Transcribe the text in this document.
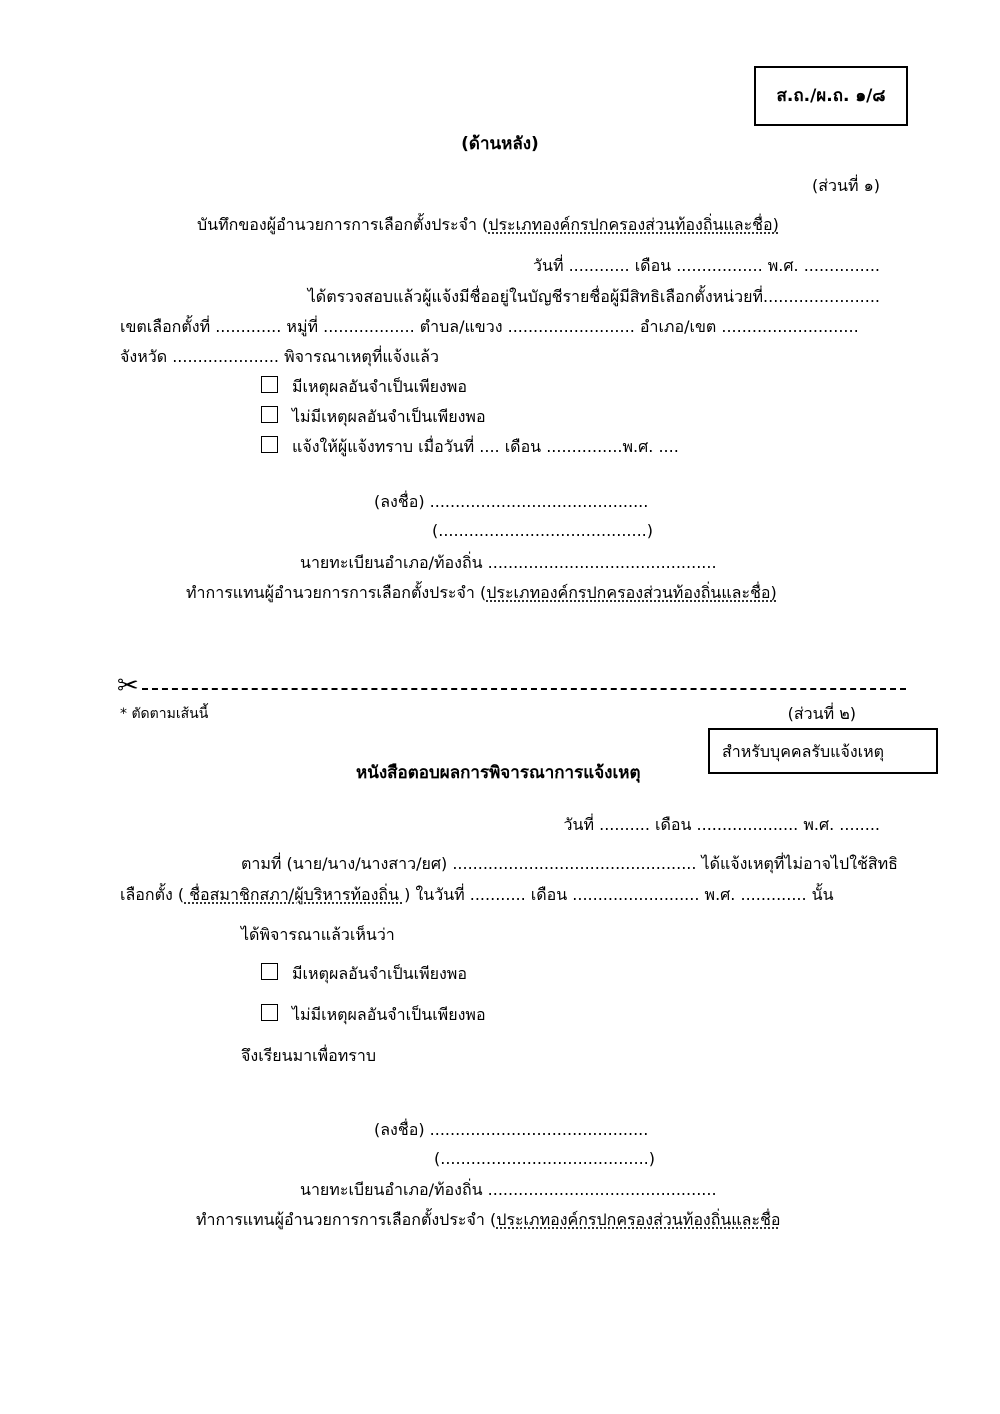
ส.ถ./ผ.ถ. ๑/๘
(ด้านหลัง)
(ส่วนที่ ๑)
บันทึกของผู้อำนวยการการเลือกตั้งประจำ (ประเภทองค์กรปกครองส่วนท้องถิ่นและชื่อ)
วันที่ ............ เดือน ................. พ.ศ. ...............
ได้ตรวจสอบแล้วผู้แจ้งมีชื่ออยู่ในบัญชีรายชื่อผู้มีสิทธิเลือกตั้งหน่วยที่.......................
เขตเลือกตั้งที่ ............. หมู่ที่ .................. ตำบล/แขวง ......................... อำเภอ/เขต ...........................
จังหวัด ..................... พิจารณาเหตุที่แจ้งแล้ว
มีเหตุผลอันจำเป็นเพียงพอ
ไม่มีเหตุผลอันจำเป็นเพียงพอ
แจ้งให้ผู้แจ้งทราบ เมื่อวันที่ .... เดือน ...............พ.ศ. ....
(ลงชื่อ) ...........................................
(.........................................)
นายทะเบียนอำเภอ/ท้องถิ่น .............................................
ทำการแทนผู้อำนวยการการเลือกตั้งประจำ (ประเภทองค์กรปกครองส่วนท้องถิ่นและชื่อ)
✂
* ตัดตามเส้นนี้	(ส่วนที่ ๒)
สำหรับบุคคลรับแจ้งเหตุ
หนังสือตอบผลการพิจารณาการแจ้งเหตุ
วันที่ .......... เดือน .................... พ.ศ. ........
ตามที่ (นาย/นาง/นางสาว/ยศ) ................................................ ได้แจ้งเหตุที่ไม่อาจไปใช้สิทธิ
เลือกตั้ง ( ชื่อสมาชิกสภา/ผู้บริหารท้องถิ่น ) ในวันที่ ........... เดือน ......................... พ.ศ. ............. นั้น
ได้พิจารณาแล้วเห็นว่า
มีเหตุผลอันจำเป็นเพียงพอ
ไม่มีเหตุผลอันจำเป็นเพียงพอ
จึงเรียนมาเพื่อทราบ
(ลงชื่อ) ...........................................
(.........................................)
นายทะเบียนอำเภอ/ท้องถิ่น .............................................
ทำการแทนผู้อำนวยการการเลือกตั้งประจำ (ประเภทองค์กรปกครองส่วนท้องถิ่นและชื่อ
